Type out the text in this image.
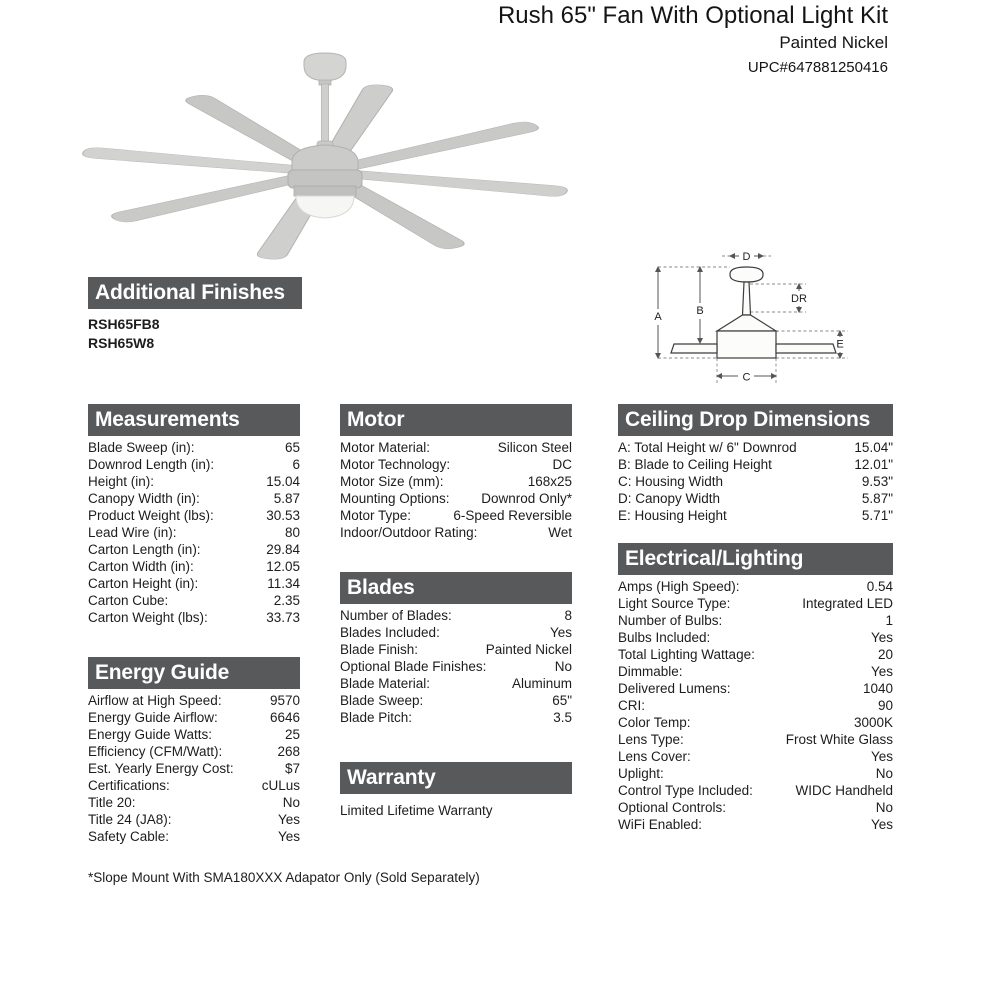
Rush 65" Fan With Optional Light Kit
Painted Nickel
UPC#647881250416
A	B
D
DR
E
C
Additional Finishes
RSH65FB8
RSH65W8
Measurements
Blade Sweep (in):	65
Downrod Length (in):	6
Height (in):	15.04
Canopy Width (in):	5.87
Product Weight (lbs):	30.53
Lead Wire (in):	80
Carton Length (in):	29.84
Carton Width (in):	12.05
Carton Height (in):	11.34
Carton Cube:	2.35
Carton Weight (lbs):	33.73
Energy Guide
Airflow at High Speed:	9570
Energy Guide Airflow:	6646
Energy Guide Watts:	25
Efficiency (CFM/Watt):	268
Est. Yearly Energy Cost:	$7
Certifications:	cULus
Title 20:	No
Title 24 (JA8):	Yes
Safety Cable:	Yes
Motor
Motor Material:	Silicon Steel
Motor Technology:	DC
Motor Size (mm):	168x25
Mounting Options: Downrod Only*
Motor Type:	6-Speed Reversible
Indoor/Outdoor Rating:	Wet
Blades
Number of Blades:	8
Blades Included:	Yes
Blade Finish:	Painted Nickel
Optional Blade Finishes:	No
Blade Material:	Aluminum
Blade Sweep:	65"
Blade Pitch:	3.5
Warranty
Limited Lifetime Warranty
Ceiling Drop Dimensions
A: Total Height w/ 6" Downrod	15.04"
B: Blade to Ceiling Height	12.01"
C: Housing Width	9.53"
D: Canopy Width	5.87"
E: Housing Height	5.71"
Electrical/Lighting
Amps (High Speed):	0.54
Light Source Type:	Integrated LED
Number of Bulbs:	1
Bulbs Included:	Yes
Total Lighting Wattage:	20
Dimmable:	Yes
Delivered Lumens:	1040
CRI:	90
Color Temp:	3000K
Lens Type:	Frost White Glass
Lens Cover:	Yes
Uplight:	No
Control Type Included:	WIDC Handheld
Optional Controls:	No
WiFi Enabled:	Yes
*Slope Mount With SMA180XXX Adapator Only (Sold Separately)
